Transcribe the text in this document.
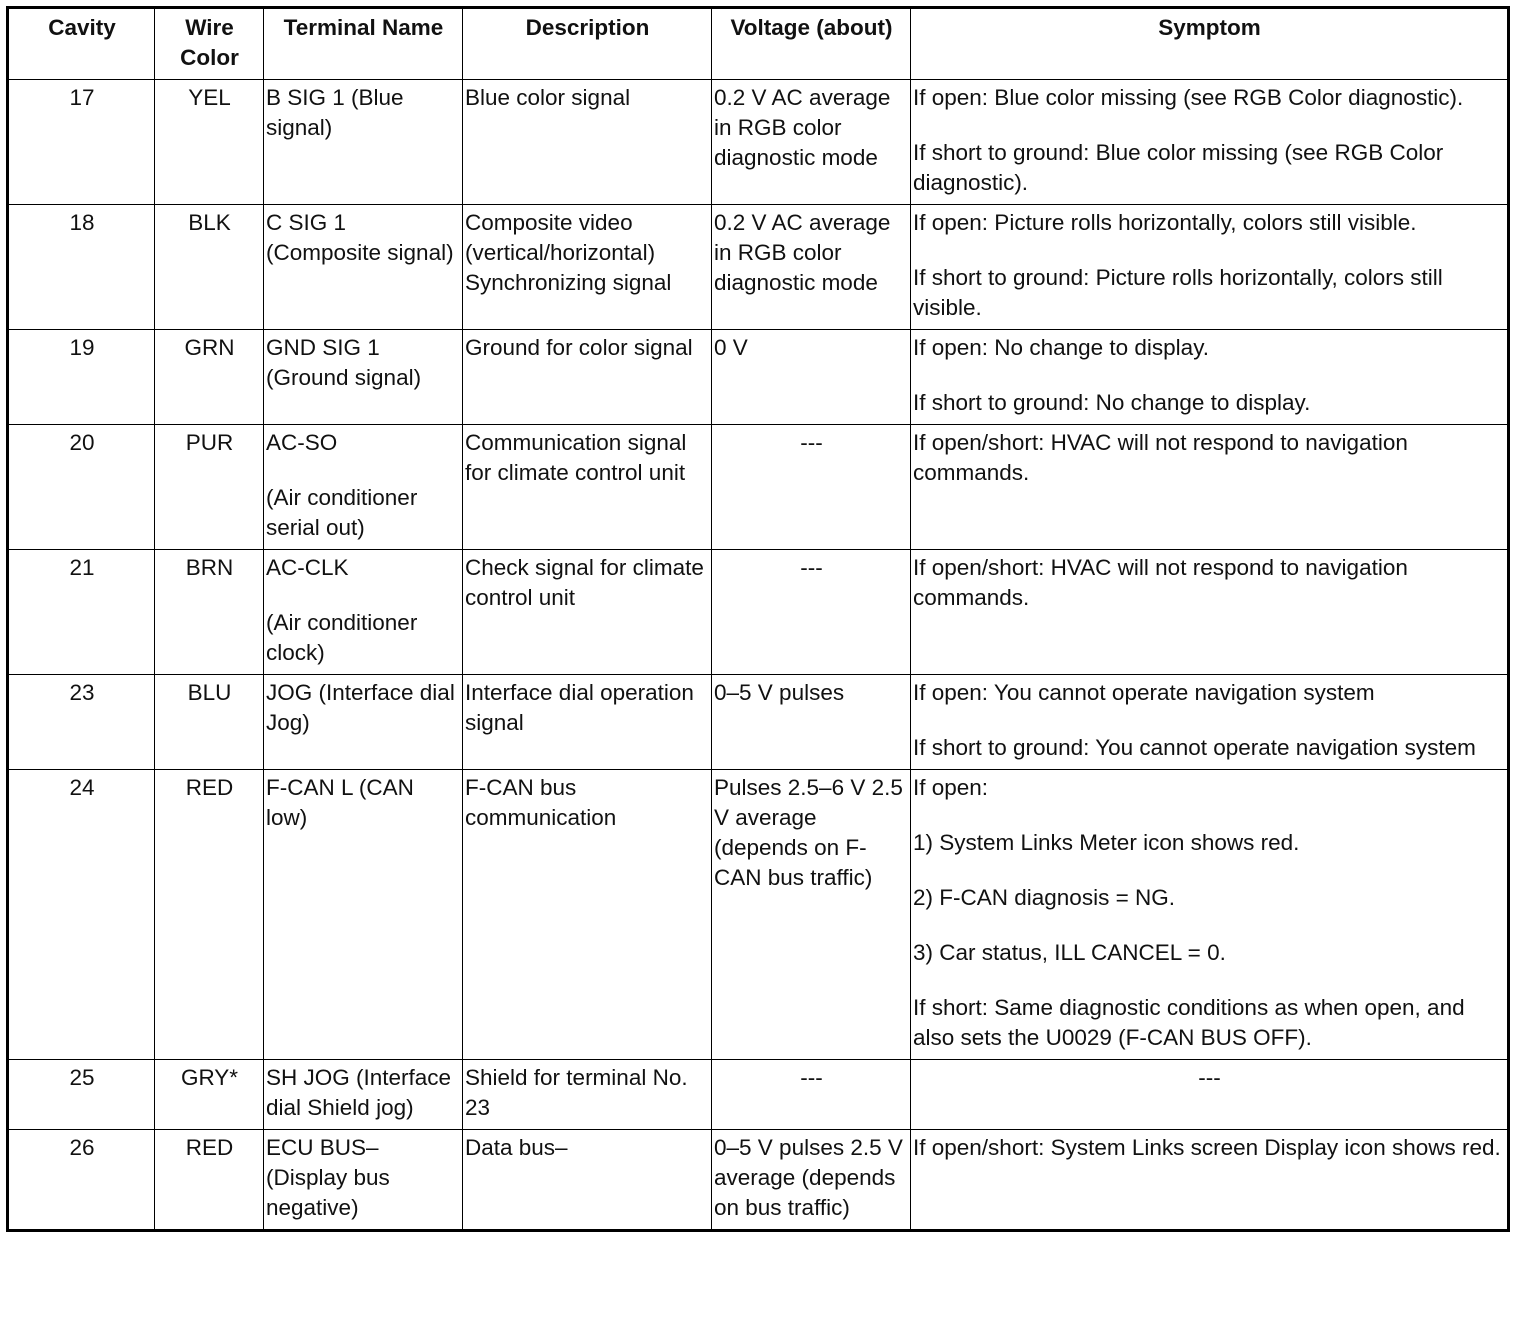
Cavity	Wire Color	Terminal Name	Description	Voltage (about)	Symptom
17	YEL	B SIG 1 (Blue signal)	Blue color signal	0.2 V AC average in RGB color diagnostic mode	If open: Blue color missing (see RGB Color diagnostic).
If short to ground: Blue color missing (see RGB Color diagnostic).

18	BLK	C SIG 1 (Composite signal)	Composite video (vertical/horizontal) Synchronizing signal	0.2 V AC average in RGB color diagnostic mode	If open: Picture rolls horizontally, colors still visible.
If short to ground: Picture rolls horizontally, colors still visible.

19	GRN	GND SIG 1 (Ground signal)	Ground for color signal	0 V	If open: No change to display.
If short to ground: No change to display.

20	PUR	AC-SO
(Air conditioner serial out)	Communication signal for climate control unit	---	If open/short: HVAC will not respond to navigation commands.

21	BRN	AC-CLK
(Air conditioner clock)	Check signal for climate control unit	---	If open/short: HVAC will not respond to navigation commands.

23	BLU	JOG (Interface dial Jog)	Interface dial operation signal	0–5 V pulses	If open: You cannot operate navigation system
If short to ground: You cannot operate navigation system

24	RED	F-CAN L (CAN low)	F-CAN bus communication	Pulses 2.5–6 V 2.5 V average (depends on F-CAN bus traffic)	If open:
1) System Links Meter icon shows red.
2) F-CAN diagnosis = NG.
3) Car status, ILL CANCEL = 0.
If short: Same diagnostic conditions as when open, and also sets the U0029 (F-CAN BUS OFF).

25	GRY*	SH JOG (Interface dial Shield jog)	Shield for terminal No. 23	---	---

26	RED	ECU BUS– (Display bus negative)	Data bus–	0–5 V pulses 2.5 V average (depends on bus traffic)	If open/short: System Links screen Display icon shows red.
